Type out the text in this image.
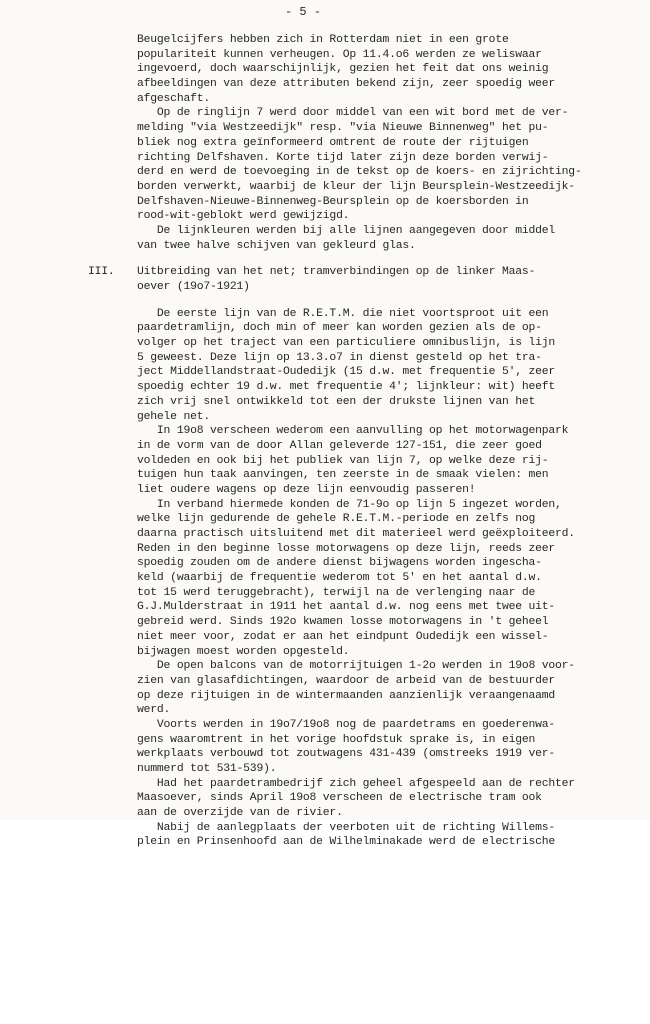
- 5 -
Beugelcijfers hebben zich in Rotterdam niet in een grote
populariteit kunnen verheugen. Op 11.4.o6 werden ze weliswaar
ingevoerd, doch waarschijnlijk, gezien het feit dat ons weinig
afbeeldingen van deze attributen bekend zijn, zeer spoedig weer
afgeschaft.
Op de ringlijn 7 werd door middel van een wit bord met de ver-
melding "via Westzeedijk" resp. "via Nieuwe Binnenweg" het pu-
bliek nog extra geïnformeerd omtrent de route der rijtuigen
richting Delfshaven. Korte tijd later zijn deze borden verwij-
derd en werd de toevoeging in de tekst op de koers- en zijrichting-
borden verwerkt, waarbij de kleur der lijn Beursplein-Westzeedijk-
Delfshaven-Nieuwe-Binnenweg-Beursplein op de koersborden in
rood-wit-geblokt werd gewijzigd.
De lijnkleuren werden bij alle lijnen aangegeven door middel
van twee halve schijven van gekleurd glas.
III. Uitbreiding van het net; tramverbindingen op de linker Maas-
oever (19o7-1921)
De eerste lijn van de R.E.T.M. die niet voortsproot uit een
paardetramlijn, doch min of meer kan worden gezien als de op-
volger op het traject van een particuliere omnibuslijn, is lijn
5 geweest. Deze lijn op 13.3.o7 in dienst gesteld op het tra-
ject Middellandstraat-Oudedijk (15 d.w. met frequentie 5', zeer
spoedig echter 19 d.w. met frequentie 4'; lijnkleur: wit) heeft
zich vrij snel ontwikkeld tot een der drukste lijnen van het
gehele net.
In 19o8 verscheen wederom een aanvulling op het motorwagenpark
in de vorm van de door Allan geleverde 127-151, die zeer goed
voldeden en ook bij het publiek van lijn 7, op welke deze rij-
tuigen hun taak aanvingen, ten zeerste in de smaak vielen: men
liet oudere wagens op deze lijn eenvoudig passeren!
In verband hiermede konden de 71-9o op lijn 5 ingezet worden,
welke lijn gedurende de gehele R.E.T.M.-periode en zelfs nog
daarna practisch uitsluitend met dit materieel werd geëxploiteerd.
Reden in den beginne losse motorwagens op deze lijn, reeds zeer
spoedig zouden om de andere dienst bijwagens worden ingescha-
keld (waarbij de frequentie wederom tot 5' en het aantal d.w.
tot 15 werd teruggebracht), terwijl na de verlenging naar de
G.J.Mulderstraat in 1911 het aantal d.w. nog eens met twee uit-
gebreid werd. Sinds 192o kwamen losse motorwagens in 't geheel
niet meer voor, zodat er aan het eindpunt Oudedijk een wissel-
bijwagen moest worden opgesteld.
De open balcons van de motorrijtuigen 1-2o werden in 19o8 voor-
zien van glasafdichtingen, waardoor de arbeid van de bestuurder
op deze rijtuigen in de wintermaanden aanzienlijk veraangenaamd
werd.
Voorts werden in 19o7/19o8 nog de paardetrams en goederenwa-
gens waaromtrent in het vorige hoofdstuk sprake is, in eigen
werkplaats verbouwd tot zoutwagens 431-439 (omstreeks 1919 ver-
nummerd tot 531-539).
Had het paardetrambedrijf zich geheel afgespeeld aan de rechter
Maasoever, sinds April 19o8 verscheen de electrische tram ook
aan de overzijde van de rivier.
Nabij de aanlegplaats der veerboten uit de richting Willems-
plein en Prinsenhoofd aan de Wilhelminakade werd de electrische
